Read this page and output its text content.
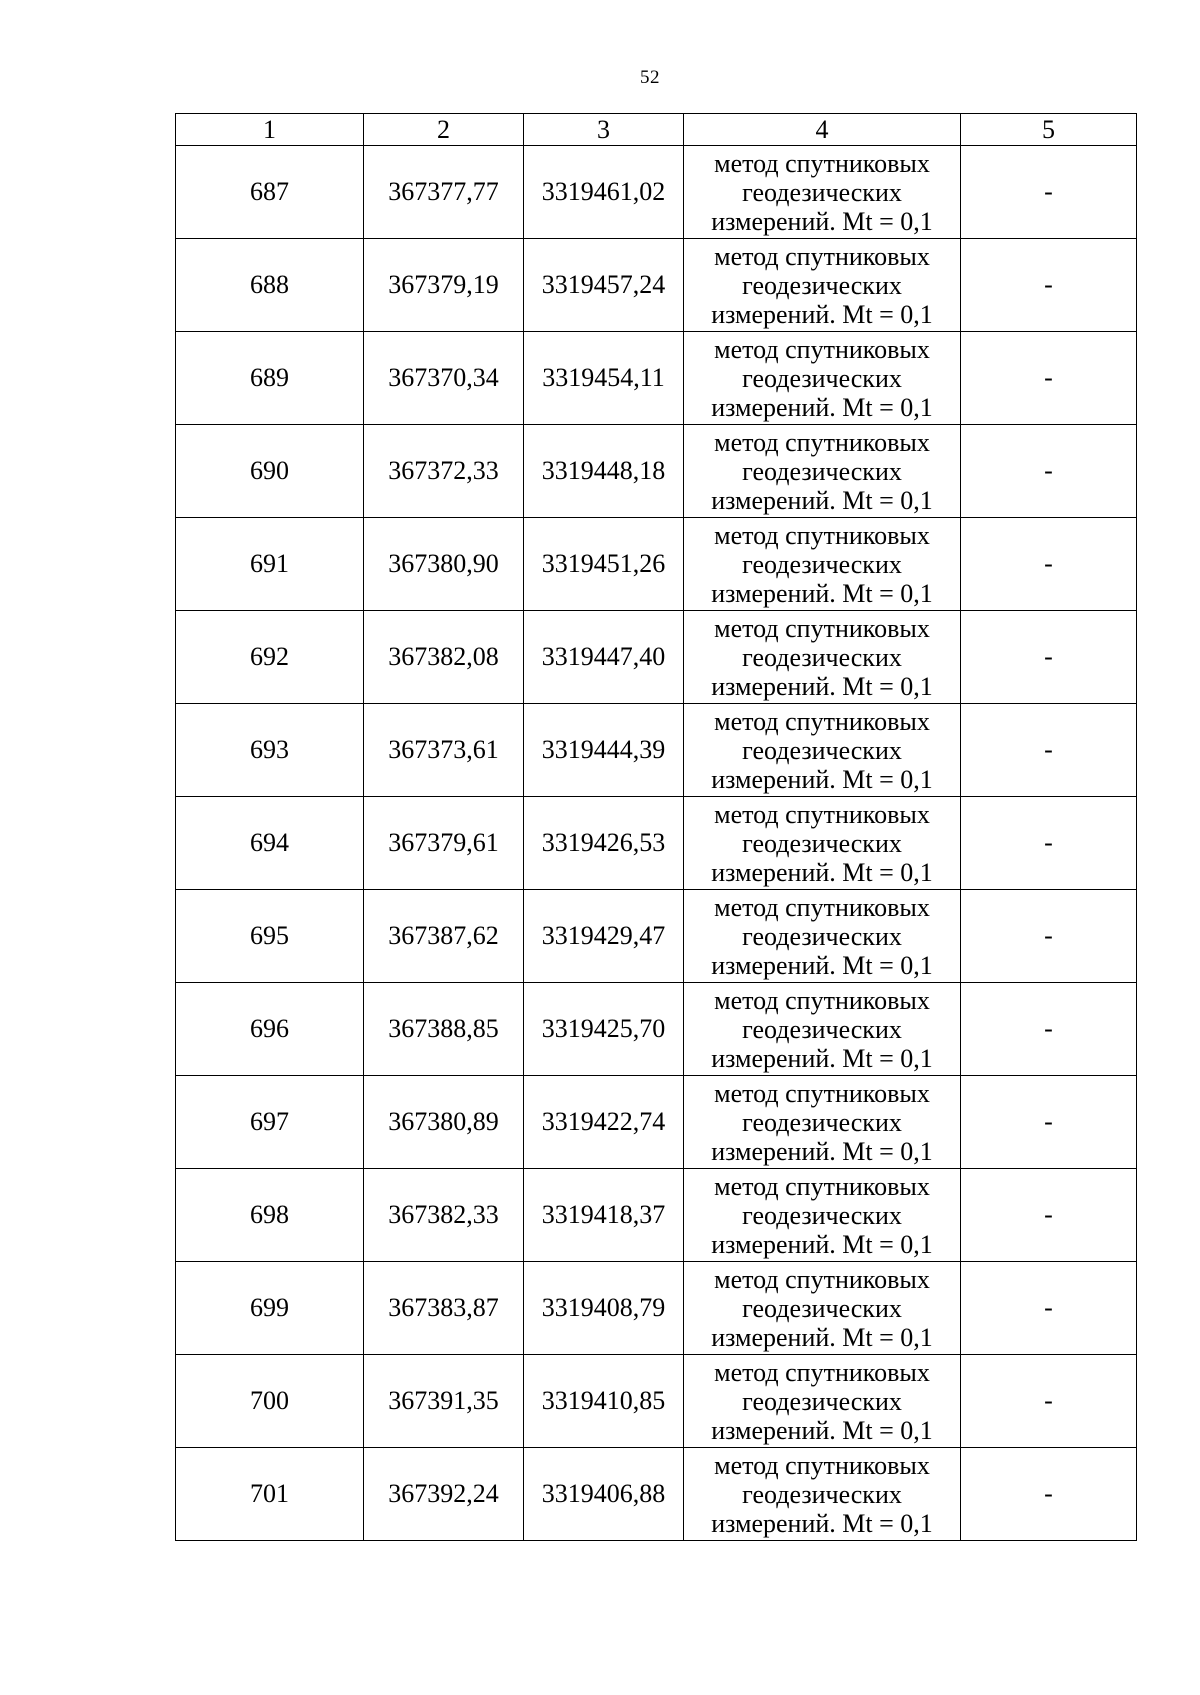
52
1	2	3	4	5
687	367377,77	3319461,02	метод спутниковых
геодезических
измерений. Mt = 0,1	-
688	367379,19	3319457,24	метод спутниковых
геодезических
измерений. Mt = 0,1	-
689	367370,34	3319454,11	метод спутниковых
геодезических
измерений. Mt = 0,1	-
690	367372,33	3319448,18	метод спутниковых
геодезических
измерений. Mt = 0,1	-
691	367380,90	3319451,26	метод спутниковых
геодезических
измерений. Mt = 0,1	-
692	367382,08	3319447,40	метод спутниковых
геодезических
измерений. Mt = 0,1	-
693	367373,61	3319444,39	метод спутниковых
геодезических
измерений. Mt = 0,1	-
694	367379,61	3319426,53	метод спутниковых
геодезических
измерений. Mt = 0,1	-
695	367387,62	3319429,47	метод спутниковых
геодезических
измерений. Mt = 0,1	-
696	367388,85	3319425,70	метод спутниковых
геодезических
измерений. Mt = 0,1	-
697	367380,89	3319422,74	метод спутниковых
геодезических
измерений. Mt = 0,1	-
698	367382,33	3319418,37	метод спутниковых
геодезических
измерений. Mt = 0,1	-
699	367383,87	3319408,79	метод спутниковых
геодезических
измерений. Mt = 0,1	-
700	367391,35	3319410,85	метод спутниковых
геодезических
измерений. Mt = 0,1	-
701	367392,24	3319406,88	метод спутниковых
геодезических
измерений. Mt = 0,1	-
